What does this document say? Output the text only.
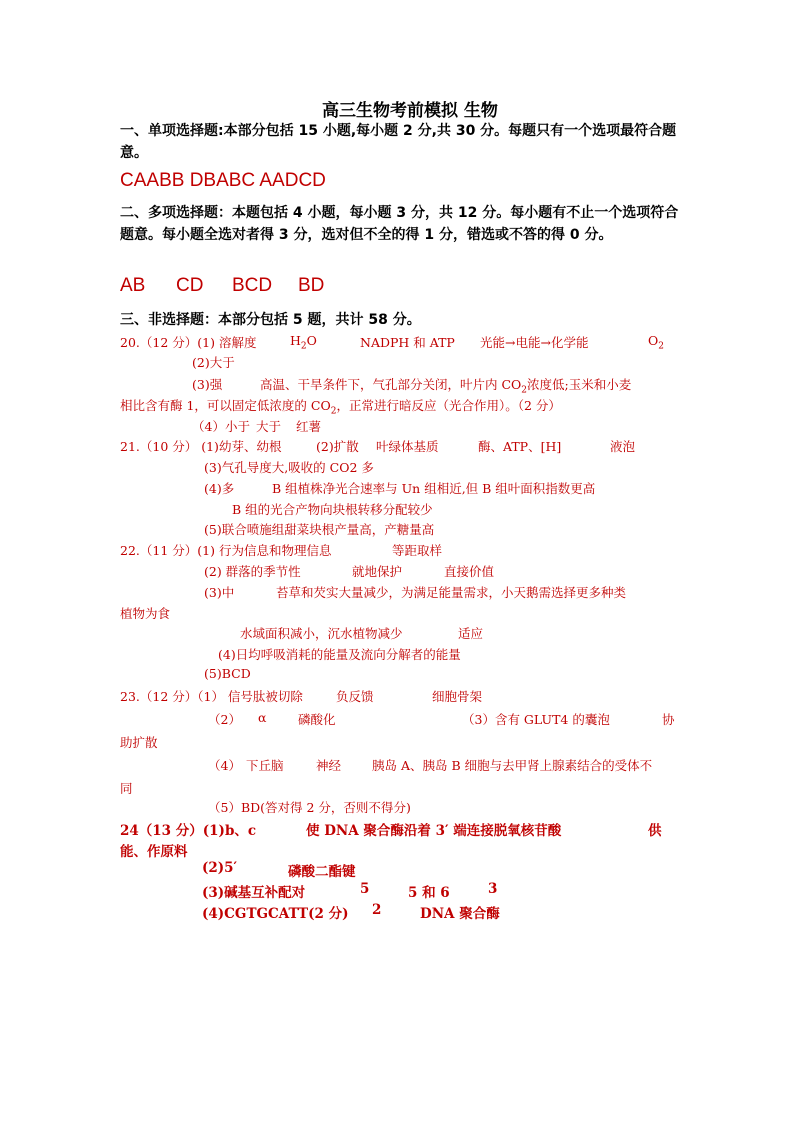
高三生物考前模拟 生物
一、单项选择题:本部分包括 15 小题,每小题 2 分,共 30 分。每题只有一个选项最符合题意。
CAABB DBABC AADCD
二、多项选择题：本题包括 4 小题，每小题 3 分，共 12 分。每小题有不止一个选项符合题意。每小题全选对者得 3 分，选对但不全的得 1 分，错选或不答的得 0 分。
AB CD BCD BD
三、非选择题：本部分包括 5 题，共计 58 分。
20.（12 分）(1) 溶解度	$H_2O$	NADPH 和 ATP 光能→电能→化学能	$O_2$
(2)大于
(3)强	高温、干旱条件下，气孔部分关闭，叶片内 $CO_2$浓度低;玉米和小麦
相比含有酶 1，可以固定低浓度的 $CO_2$，正常进行暗反应（光合作用）。（2 分）
（4）小于 大于 红薯
21.（10 分） (1)幼芽、幼根	(2)扩散 叶绿体基质	酶、ATP、[H]	液泡
(3)气孔导度大,吸收的 CO2 多
(4)多	B 组植株净光合速率与 Un 组相近,但 B 组叶面积指数更高
B 组的光合产物向块根转移分配较少
(5)联合喷施组甜菜块根产量高，产糖量高
22.（11 分）(1) 行为信息和物理信息	等距取样
(2) 群落的季节性	就地保护	直接价值
(3)中	苔草和芡实大量减少，为满足能量需求，小天鹅需选择更多种类
植物为食
水域面积减小，沉水植物减少	适应
(4)日均呼吸消耗的能量及流向分解者的能量
(5)BCD
23.（12 分）（1） 信号肽被切除	负反馈	细胞骨架
（2） α	磷酸化	（3）含有 GLUT4 的囊泡	协
助扩散
（4） 下丘脑	神经 胰岛 A、胰岛 B 细胞与去甲肾上腺素结合的受体不
同
（5）BD(答对得 2 分，否则不得分)
24（13 分）(1)b、c	使 DNA 聚合酶沿着 3′ 端连接脱氧核苷酸	供
能、作原料
(2)5′	磷酸二酯键
(3)碱基互补配对	5	5 和 6	3
(4)CGTGCATT(2 分) 2	DNA 聚合酶
